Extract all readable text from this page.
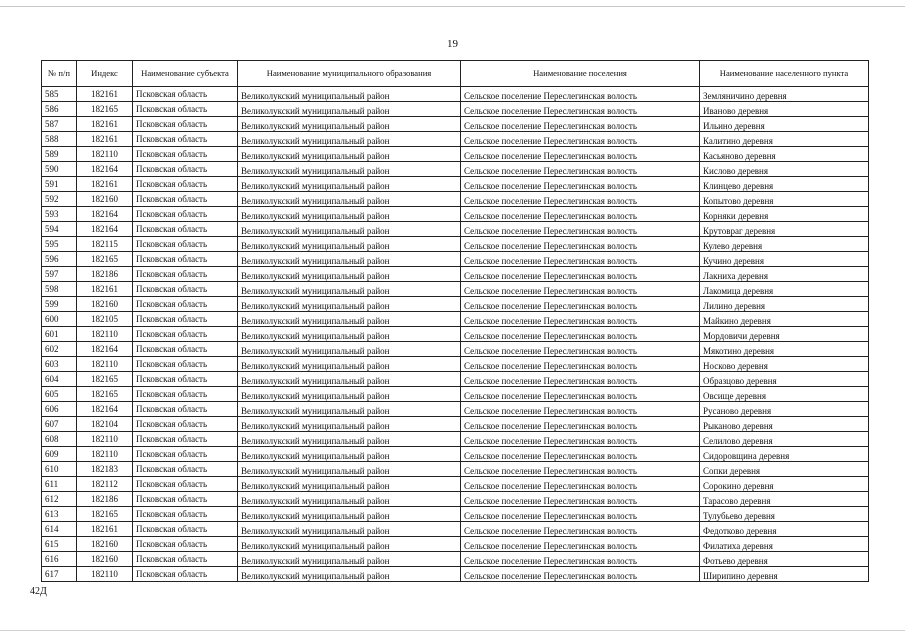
19
№ п/п	Индекс	Наименование субъекта	Наименование муниципального образования	Наименование поселения	Наименование населенного пункта
585	182161	Псковская область	Великолукский муниципальный район	Сельское поселение Переслегинская волость	Земляничино деревня
586	182165	Псковская область	Великолукский муниципальный район	Сельское поселение Переслегинская волость	Иваново деревня
587	182161	Псковская область	Великолукский муниципальный район	Сельское поселение Переслегинская волость	Ильино деревня
588	182161	Псковская область	Великолукский муниципальный район	Сельское поселение Переслегинская волость	Калитино деревня
589	182110	Псковская область	Великолукский муниципальный район	Сельское поселение Переслегинская волость	Касьяново деревня
590	182164	Псковская область	Великолукский муниципальный район	Сельское поселение Переслегинская волость	Кислово деревня
591	182161	Псковская область	Великолукский муниципальный район	Сельское поселение Переслегинская волость	Клинцево деревня
592	182160	Псковская область	Великолукский муниципальный район	Сельское поселение Переслегинская волость	Копытово деревня
593	182164	Псковская область	Великолукский муниципальный район	Сельское поселение Переслегинская волость	Корняки деревня
594	182164	Псковская область	Великолукский муниципальный район	Сельское поселение Переслегинская волость	Крутовраг деревня
595	182115	Псковская область	Великолукский муниципальный район	Сельское поселение Переслегинская волость	Кулево деревня
596	182165	Псковская область	Великолукский муниципальный район	Сельское поселение Переслегинская волость	Кучино деревня
597	182186	Псковская область	Великолукский муниципальный район	Сельское поселение Переслегинская волость	Лакниха деревня
598	182161	Псковская область	Великолукский муниципальный район	Сельское поселение Переслегинская волость	Лакомица деревня
599	182160	Псковская область	Великолукский муниципальный район	Сельское поселение Переслегинская волость	Лилино деревня
600	182105	Псковская область	Великолукский муниципальный район	Сельское поселение Переслегинская волость	Майкино деревня
601	182110	Псковская область	Великолукский муниципальный район	Сельское поселение Переслегинская волость	Мордовичи деревня
602	182164	Псковская область	Великолукский муниципальный район	Сельское поселение Переслегинская волость	Мякотино деревня
603	182110	Псковская область	Великолукский муниципальный район	Сельское поселение Переслегинская волость	Носково деревня
604	182165	Псковская область	Великолукский муниципальный район	Сельское поселение Переслегинская волость	Образцово деревня
605	182165	Псковская область	Великолукский муниципальный район	Сельское поселение Переслегинская волость	Овсище деревня
606	182164	Псковская область	Великолукский муниципальный район	Сельское поселение Переслегинская волость	Русаново деревня
607	182104	Псковская область	Великолукский муниципальный район	Сельское поселение Переслегинская волость	Рыканово деревня
608	182110	Псковская область	Великолукский муниципальный район	Сельское поселение Переслегинская волость	Селилово деревня
609	182110	Псковская область	Великолукский муниципальный район	Сельское поселение Переслегинская волость	Сидоровщина деревня
610	182183	Псковская область	Великолукский муниципальный район	Сельское поселение Переслегинская волость	Сопки деревня
611	182112	Псковская область	Великолукский муниципальный район	Сельское поселение Переслегинская волость	Сорокино деревня
612	182186	Псковская область	Великолукский муниципальный район	Сельское поселение Переслегинская волость	Тарасово деревня
613	182165	Псковская область	Великолукский муниципальный район	Сельское поселение Переслегинская волость	Тулубьево деревня
614	182161	Псковская область	Великолукский муниципальный район	Сельское поселение Переслегинская волость	Федотково деревня
615	182160	Псковская область	Великолукский муниципальный район	Сельское поселение Переслегинская волость	Филатиха деревня
616	182160	Псковская область	Великолукский муниципальный район	Сельское поселение Переслегинская волость	Фотьево деревня
617	182110	Псковская область	Великолукский муниципальный район	Сельское поселение Переслегинская волость	Ширипино деревня
42Д
